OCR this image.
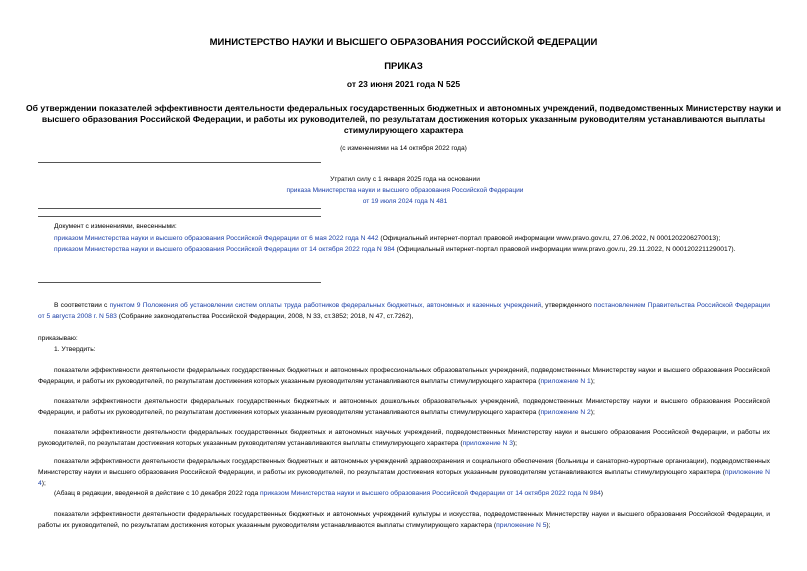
МИНИСТЕРСТВО НАУКИ И ВЫСШЕГО ОБРАЗОВАНИЯ РОССИЙСКОЙ ФЕДЕРАЦИИ
ПРИКАЗ
от 23 июня 2021 года N 525
Об утверждении показателей эффективности деятельности федеральных государственных бюджетных и автономных учреждений, подведомственных Министерству науки и высшего образования Российской Федерации, и работы их руководителей, по результатам достижения которых указанным руководителям устанавливаются выплаты стимулирующего характера
(с изменениями на 14 октября 2022 года)
Утратил силу с 1 января 2025 года на основании
приказа Министерства науки и высшего образования Российской Федерации
от 19 июля 2024 года N 481
Документ с изменениями, внесенными:
приказом Министерства науки и высшего образования Российской Федерации от 6 мая 2022 года N 442 (Официальный интернет-портал правовой информации www.pravo.gov.ru, 27.06.2022, N 0001202206270013);
приказом Министерства науки и высшего образования Российской Федерации от 14 октября 2022 года N 984 (Официальный интернет-портал правовой информации www.pravo.gov.ru, 29.11.2022, N 0001202211290017).
В соответствии с пунктом 9 Положения об установлении систем оплаты труда работников федеральных бюджетных, автономных и казенных учреждений, утвержденного постановлением Правительства Российской Федерации от 5 августа 2008 г. N 583 (Собрание законодательства Российской Федерации, 2008, N 33, ст.3852; 2018, N 47, ст.7262),
приказываю:
1. Утвердить:
показатели эффективности деятельности федеральных государственных бюджетных и автономных профессиональных образовательных учреждений, подведомственных Министерству науки и высшего образования Российской Федерации, и работы их руководителей, по результатам достижения которых указанным руководителям устанавливаются выплаты стимулирующего характера (приложение N 1);
показатели эффективности деятельности федеральных государственных бюджетных и автономных дошкольных образовательных учреждений, подведомственных Министерству науки и высшего образования Российской Федерации, и работы их руководителей, по результатам достижения которых указанным руководителям устанавливаются выплаты стимулирующего характера (приложение N 2);
показатели эффективности деятельности федеральных государственных бюджетных и автономных научных учреждений, подведомственных Министерству науки и высшего образования Российской Федерации, и работы их руководителей, по результатам достижения которых указанным руководителям устанавливаются выплаты стимулирующего характера (приложение N 3);
показатели эффективности деятельности федеральных государственных бюджетных и автономных учреждений здравоохранения и социального обеспечения (больницы и санаторно-курортные организации), подведомственных Министерству науки и высшего образования Российской Федерации, и работы их руководителей, по результатам достижения которых указанным руководителям устанавливаются выплаты стимулирующего характера (приложение N 4);
(Абзац в редакции, введенной в действие с 10 декабря 2022 года приказом Министерства науки и высшего образования Российской Федерации от 14 октября 2022 года N 984)
показатели эффективности деятельности федеральных государственных бюджетных и автономных учреждений культуры и искусства, подведомственных Министерству науки и высшего образования Российской Федерации, и работы их руководителей, по результатам достижения которых указанным руководителям устанавливаются выплаты стимулирующего характера (приложение N 5);
